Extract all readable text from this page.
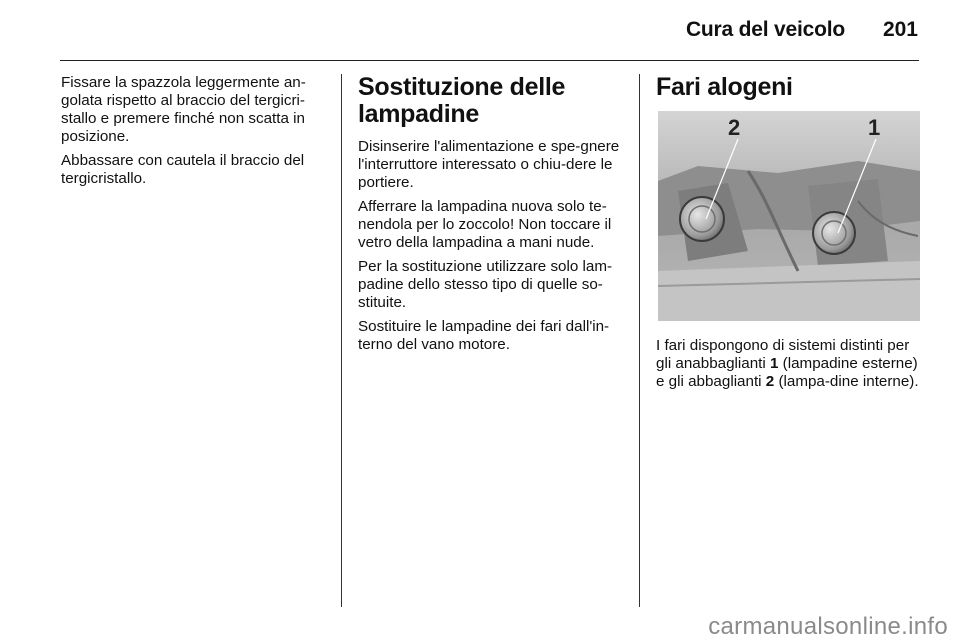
Cura del veicolo	201

Fissare la spazzola leggermente an-golata rispetto al braccio del tergicri-stallo e premere finché non scatta in posizione.

Abbassare con cautela il braccio del tergicristallo.

Sostituzione delle lampadine

Disinserire l'alimentazione e spe-gnere l'interruttore interessato o chiu-dere le portiere.

Afferrare la lampadina nuova solo te-nendola per lo zoccolo! Non toccare il vetro della lampadina a mani nude.

Per la sostituzione utilizzare solo lam-padine dello stesso tipo di quelle so-stituite.

Sostituire le lampadine dei fari dall'in-terno del vano motore.

Fari alogeni
2	1

I fari dispongono di sistemi distinti per gli anabbaglianti 1 (lampadine esterne) e gli abbaglianti 2 (lampa-dine interne).

carmanualsonline.info
